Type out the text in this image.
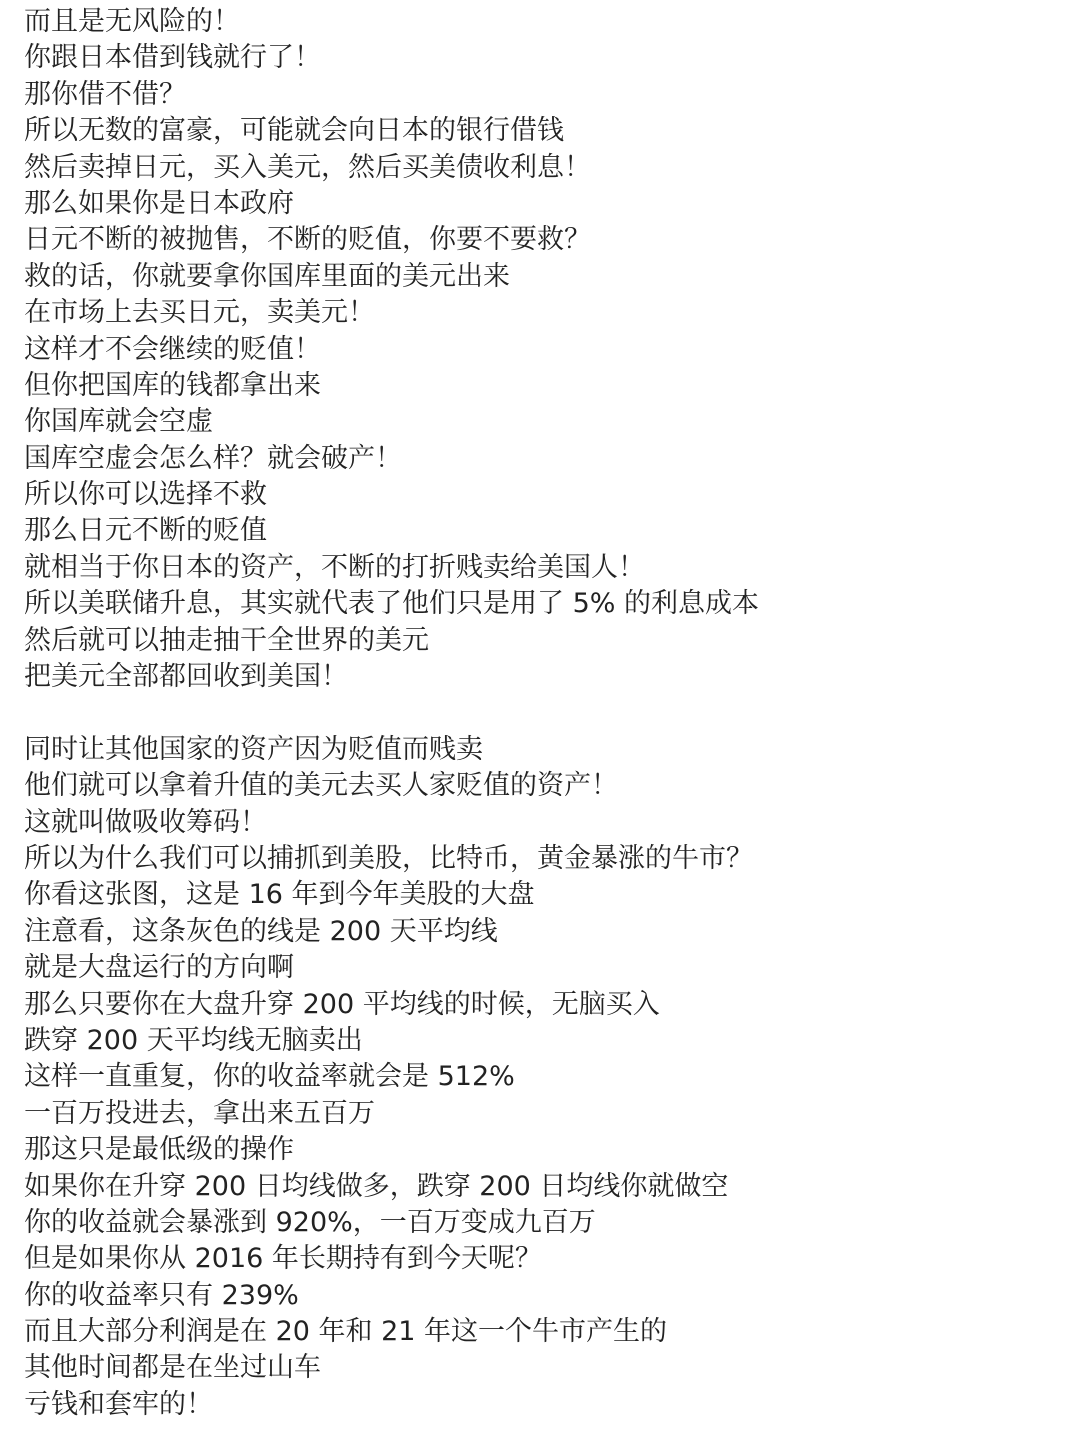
而且是无风险的！
你跟日本借到钱就行了！
那你借不借？
所以无数的富豪，可能就会向日本的银行借钱
然后卖掉日元，买入美元，然后买美债收利息！
那么如果你是日本政府
日元不断的被抛售，不断的贬值，你要不要救？
救的话，你就要拿你国库里面的美元出来
在市场上去买日元，卖美元！
这样才不会继续的贬值！
但你把国库的钱都拿出来
你国库就会空虚
国库空虚会怎么样？就会破产！
所以你可以选择不救
那么日元不断的贬值
就相当于你日本的资产，不断的打折贱卖给美国人！
所以美联储升息，其实就代表了他们只是用了 5% 的利息成本
然后就可以抽走抽干全世界的美元
把美元全部都回收到美国！

同时让其他国家的资产因为贬值而贱卖
他们就可以拿着升值的美元去买人家贬值的资产！
这就叫做吸收筹码！
所以为什么我们可以捕抓到美股，比特币，黄金暴涨的牛市？
你看这张图，这是 16 年到今年美股的大盘
注意看，这条灰色的线是 200 天平均线
就是大盘运行的方向啊
那么只要你在大盘升穿 200 平均线的时候，无脑买入
跌穿 200 天平均线无脑卖出
这样一直重复，你的收益率就会是 512%
一百万投进去，拿出来五百万
那这只是最低级的操作
如果你在升穿 200 日均线做多，跌穿 200 日均线你就做空
你的收益就会暴涨到 920%，一百万变成九百万
但是如果你从 2016 年长期持有到今天呢？
你的收益率只有 239%
而且大部分利润是在 20 年和 21 年这一个牛市产生的
其他时间都是在坐过山车
亏钱和套牢的！
